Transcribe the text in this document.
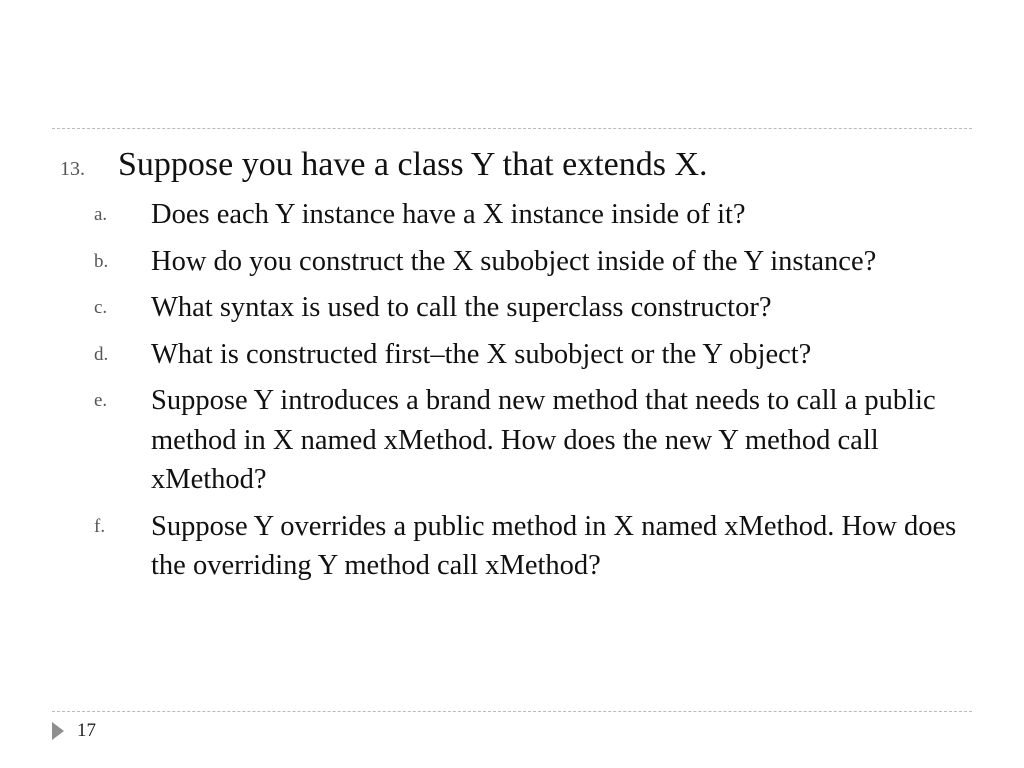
13. Suppose you have a class Y that extends X.
a. Does each Y instance have a X instance inside of it?
b. How do you construct the X subobject inside of the Y instance?
c. What syntax is used to call the superclass constructor?
d. What is constructed first–the X subobject or the Y object?
e. Suppose Y introduces a brand new method that needs to call a public method in X named xMethod. How does the new Y method call xMethod?
f. Suppose Y overrides a public method in X named xMethod. How does the overriding Y method call xMethod?
17
